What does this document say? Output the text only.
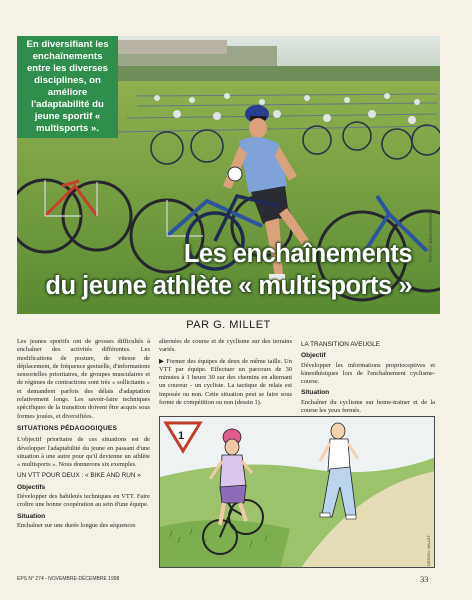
En diversifiant les enchaînements entre les diverses disciplines, on améliore l'adaptabilité du jeune sportif « multisports ».
Les enchaînements
du jeune athlète « multisports »
PHOTO: BEAUGENDRE
PAR G. MILLET

Les jeunes sportifs ont de grosses difficultés à enchaîner des activités différentes. Les modifications de posture, de vitesse de déplacement, de fréquence gestuelle, d'informations sensorielles prioritaires, de groupes musculaires et de régimes de contractions sont très « sollicitants » et demandent parfois des délais d'adaptation relativement longs. Les savoir-faire techniques spécifiques de la transition doivent être acquis sous formes jouées, et diversifiées.

SITUATIONS PÉDAGOGIQUES

L'objectif prioritaire de ces situations est de développer l'adaptabilité du jeune en passant d'une situation à une autre pour qu'il devienne un athlète « multisports ». Nous donnerons six exemples.

UN VTT POUR DEUX : « BIKE AND RUN »
Objectifs

Développer des habiletés techniques en VTT. Faire croître une bonne coopération au sein d'une équipe.

Situation

Enchaîner sur une durée longue des séquences

alternées de course et de cyclisme sur des terrains variés.

▶ Former des équipes de deux de même taille. Un VTT par équipe. Effectuer un parcours de 30 minutes à 1 heure 30 sur des chemins en alternant un coureur - un cycliste. La tactique de relais est imposée ou non. Cette situation peut se faire sous forme de compétition ou non (dessin 1).

LA TRANSITION AVEUGLE
Objectif

Développer les informations proprioceptives et kinesthésiques lors de l'enchaînement cyclisme-course.

Situation

Enchaîner du cyclisme sur home-trainer et de la course les yeux fermés.

1
DESSIN: MILLET
EPS N° 274 - NOVEMBRE-DÉCEMBRE 1998	33
